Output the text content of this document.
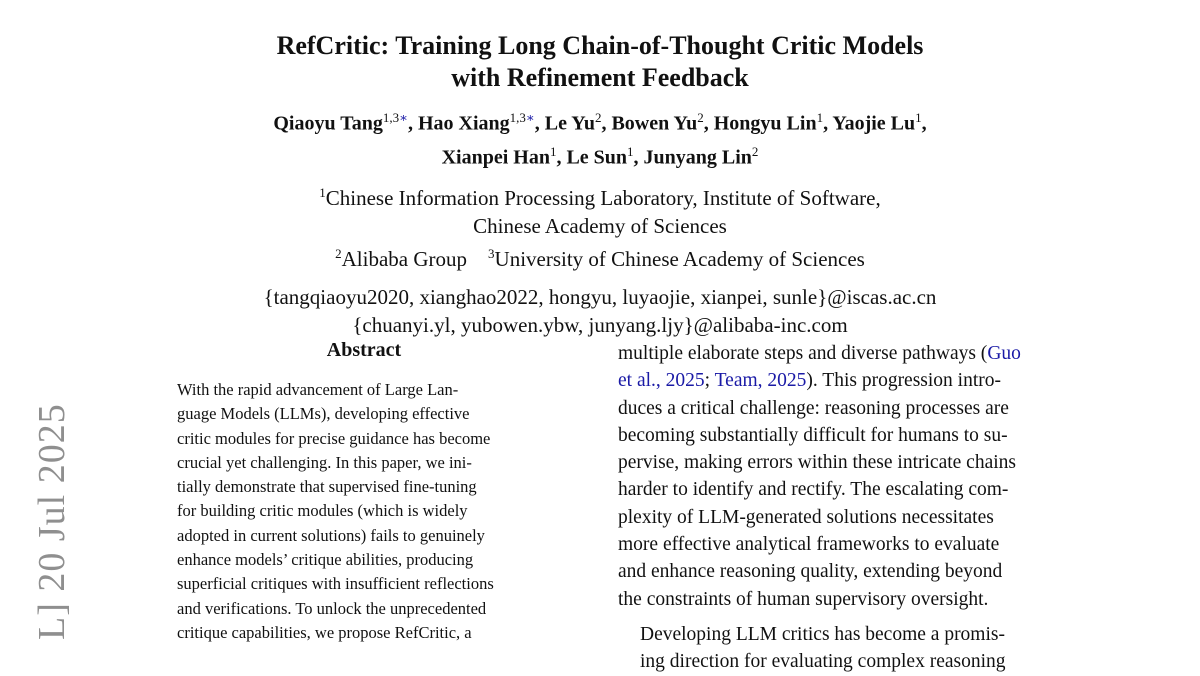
L] 20 Jul 2025
RefCritic: Training Long Chain-of-Thought Critic Models
with Refinement Feedback
Qiaoyu Tang$^{1,3∗}$, Hao Xiang$^{1,3∗}$, Le Yu$^2$, Bowen Yu$^2$, Hongyu Lin$^1$, Yaojie Lu$^1$,
Xianpei Han$^1$, Le Sun$^1$, Junyang Lin$^2$
$^1$Chinese Information Processing Laboratory, Institute of Software,
Chinese Academy of Sciences
$^2$Alibaba Group $^3$University of Chinese Academy of Sciences
{tangqiaoyu2020, xianghao2022, hongyu, luyaojie, xianpei, sunle}@iscas.ac.cn
{chuanyi.yl, yubowen.ybw, junyang.ljy}@alibaba-inc.com
Abstract
With the rapid advancement of Large Lan-
guage Models (LLMs), developing effective
critic modules for precise guidance has become
crucial yet challenging. In this paper, we ini-
tially demonstrate that supervised fine-tuning
for building critic modules (which is widely
adopted in current solutions) fails to genuinely
enhance models’ critique abilities, producing
superficial critiques with insufficient reflections
and verifications. To unlock the unprecedented
critique capabilities, we propose RefCritic, a
multiple elaborate steps and diverse pathways (Guo
et al., 2025; Team, 2025). This progression intro-
duces a critical challenge: reasoning processes are
becoming substantially difficult for humans to su-
pervise, making errors within these intricate chains
harder to identify and rectify. The escalating com-
plexity of LLM-generated solutions necessitates
more effective analytical frameworks to evaluate
and enhance reasoning quality, extending beyond
the constraints of human supervisory oversight.
Developing LLM critics has become a promis-
ing direction for evaluating complex reasoning
